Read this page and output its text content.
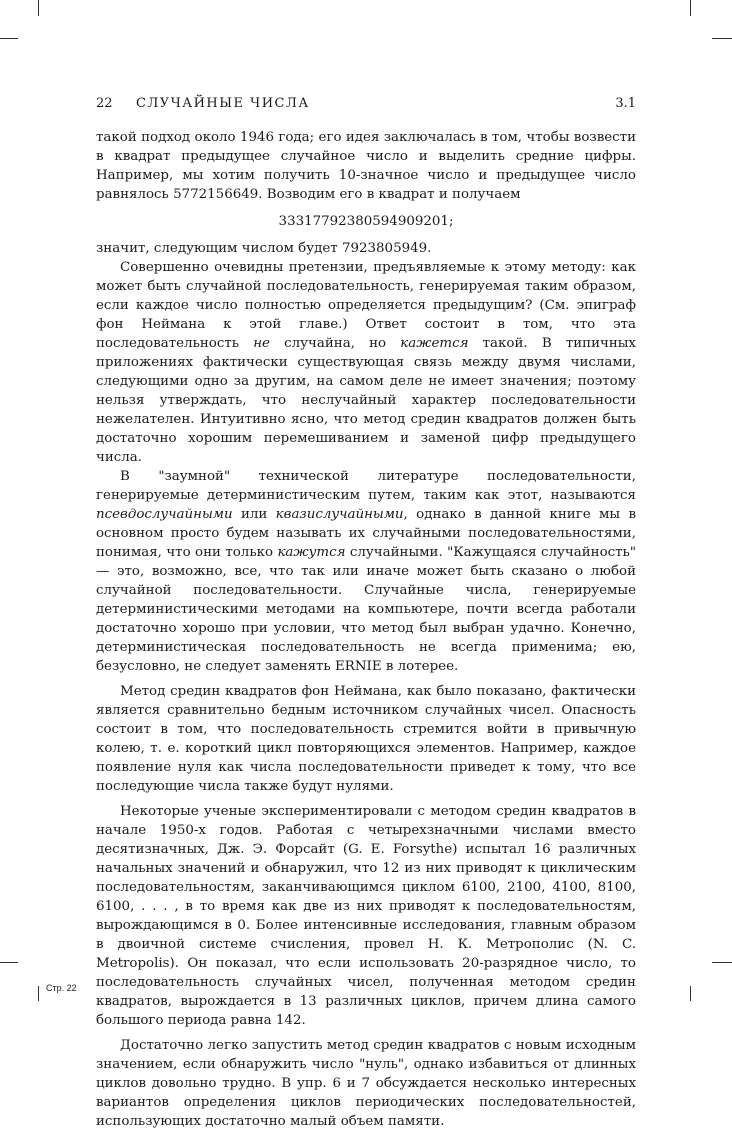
22	СЛУЧАЙНЫЕ ЧИСЛА	3.1

такой подход около 1946 года; его идея заключалась в том, чтобы возвести в квадрат предыдущее случайное число и выделить средние цифры. Например, мы хотим получить 10-значное число и предыдущее число равнялось 5772156649. Возводим его в квадрат и получаем

33317792380594909201;

значит, следующим числом будет 7923805949.

Совершенно очевидны претензии, предъявляемые к этому методу: как может быть случайной последовательность, генерируемая таким образом, если каждое число полностью определяется предыдущим? (См. эпиграф фон Неймана к этой главе.) Ответ состоит в том, что эта последовательность не случайна, но кажется такой. В типичных приложениях фактически существующая связь между двумя числами, следующими одно за другим, на самом деле не имеет значения; поэтому нельзя утверждать, что неслучайный характер последовательности нежелателен. Интуитивно ясно, что метод средин квадратов должен быть достаточно хорошим перемешиванием и заменой цифр предыдущего числа.

В "заумной" технической литературе последовательности, генерируемые детерминистическим путем, таким как этот, называются псевдослучайными или квазислучайными, однако в данной книге мы в основном просто будем называть их случайными последовательностями, понимая, что они только кажутся случайными. "Кажущаяся случайность" — это, возможно, все, что так или иначе может быть сказано о любой случайной последовательности. Случайные числа, генерируемые детерминистическими методами на компьютере, почти всегда работали достаточно хорошо при условии, что метод был выбран удачно. Конечно, детерминистическая последовательность не всегда применима; ею, безусловно, не следует заменять ERNIE в лотерее.

Метод средин квадратов фон Неймана, как было показано, фактически является сравнительно бедным источником случайных чисел. Опасность состоит в том, что последовательность стремится войти в привычную колею, т. е. короткий цикл повторяющихся элементов. Например, каждое появление нуля как числа последовательности приведет к тому, что все последующие числа также будут нулями.

Некоторые ученые экспериментировали с методом средин квадратов в начале 1950-х годов. Работая с четырехзначными числами вместо десятизначных, Дж. Э. Форсайт (G. E. Forsythe) испытал 16 различных начальных значений и обнаружил, что 12 из них приводят к циклическим последовательностям, заканчивающимся циклом 6100, 2100, 4100, 8100, 6100, . . . , в то время как две из них приводят к последовательностям, вырождающимся в 0. Более интенсивные исследования, главным образом в двоичной системе счисления, провел Н. К. Метрополис (N. C. Metropolis). Он показал, что если использовать 20-разрядное число, то последовательность случайных чисел, полученная методом средин квадратов, вырождается в 13 различных циклов, причем длина самого большого периода равна 142.

Достаточно легко запустить метод средин квадратов с новым исходным значением, если обнаружить число "нуль", однако избавиться от длинных циклов довольно трудно. В упр. 6 и 7 обсуждается несколько интересных вариантов определения циклов периодических последовательностей, использующих достаточно малый объем памяти.

Стр. 22
